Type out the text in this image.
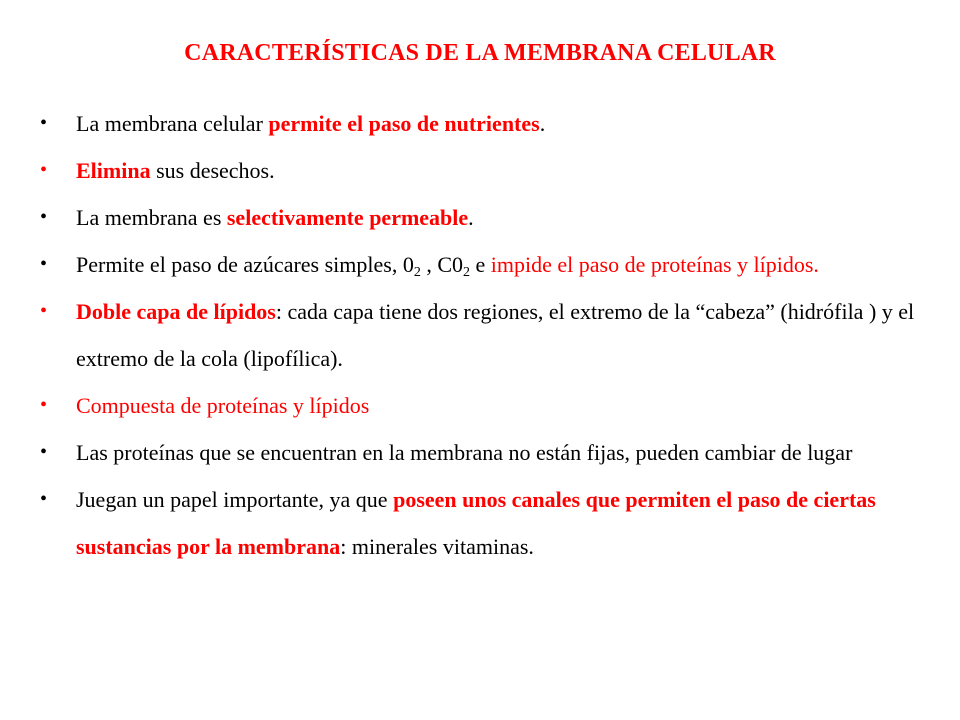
CARACTERÍSTICAS DE LA MEMBRANA CELULAR
•	La membrana celular permite el paso de nutrientes.
•	Elimina sus desechos.
•	La membrana es selectivamente permeable.
•	Permite el paso de azúcares simples, $0_2$ , $C0_2$ e impide el paso de proteínas y lípidos.
•	Doble capa de lípidos: cada capa tiene dos regiones, el extremo de la “cabeza” (hidrófila ) y el extremo de la cola (lipofílica).
•	Compuesta de proteínas y lípidos
•	Las proteínas que se encuentran en la membrana no están fijas, pueden cambiar de lugar
•	Juegan un papel importante, ya que poseen unos canales que permiten el paso de ciertas sustancias por la membrana: minerales vitaminas.
